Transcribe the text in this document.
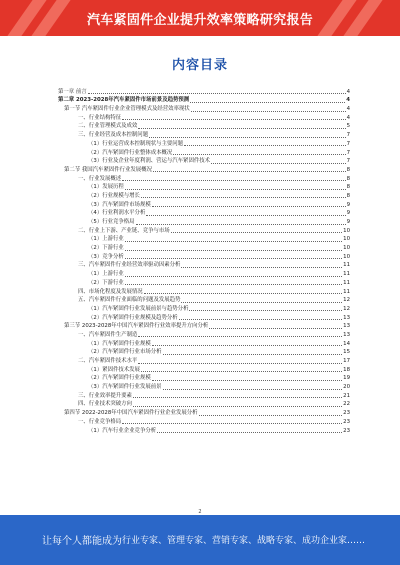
汽车紧固件企业提升效率策略研究报告
内容目录
第一章 前言	4
第二章 2023-2028年汽车紧固件市场前景及趋势预测	4
第一节 汽车紧固件行业企业管理模式及经营效率现状	4
一、行业结构特征	4
二、行业管理模式及成效	5
三、行业经营及成本控制问题	7
（1）行业运营成本控制现状与主要问题	7
（2）汽车紧固件行业整体成本概况	7
（3）行业及企业年度利润、营运与汽车紧固件技术	7
第二节 我国汽车紧固件行业发展概况	8
一、行业发展概述	8
（1）发展历程	8
（2）行业规模与增长	8
（3）汽车紧固件市场规模	9
（4）行业利润水平分析	9
（5）行业竞争格局	9
二、行业上下游、产业链、竞争与市场	10
（1）上游行业	10
（2）下游行业	10
（3）竞争分析	10
三、汽车紧固件行业经营效率驱动因素分析	11
（1）上游行业	11
（2）下游行业	11
四、市场化程度及发展情况	11
五、汽车紧固件行业面临的问题及发展趋势	12
（1）汽车紧固件行业发展前景与趋势分析	12
（2）汽车紧固件行业规模及趋势分析	13
第三节 2023-2028年中国汽车紧固件行业效率提升方向分析	13
一、汽车紧固件生产制造	13
（1）汽车紧固件行业规模	14
（2）汽车紧固件行业市场分析	15
二、汽车紧固件技术水平	17
（1）紧固件技术发展	18
（2）汽车紧固件行业规模	19
（3）汽车紧固件行业发展前景	20
三、行业效率提升要素	21
四、行业技术突破方向	22
第四节 2022-2028年中国汽车紧固件行业企业发展分析	23
一、行业竞争格局	23
（1）汽车行业企业竞争分析	23
2
让每个人都能成为 行业专家、管理专家、营销专家、战略专家、成功企业家……
